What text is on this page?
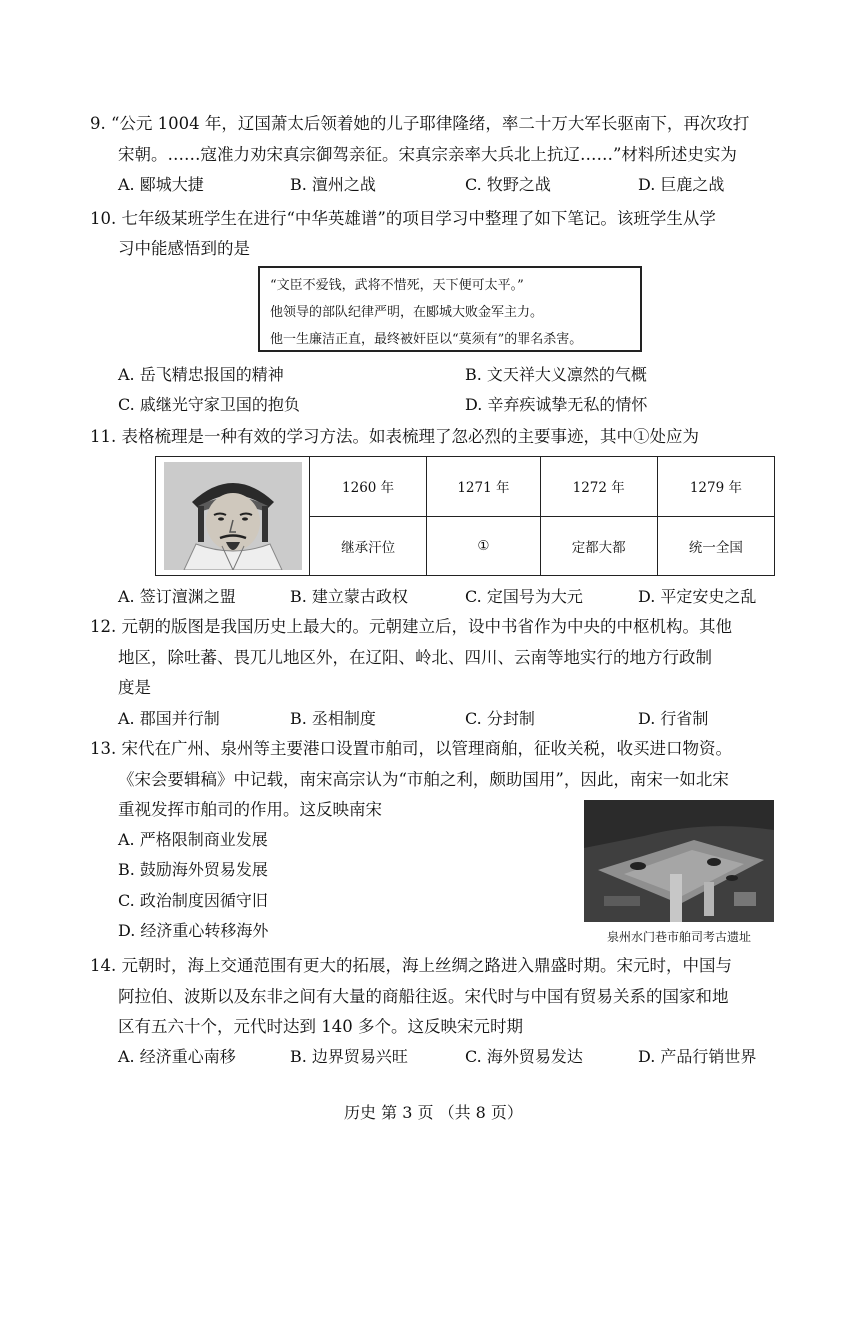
9. “公元 1004 年，辽国萧太后领着她的儿子耶律隆绪，率二十万大军长驱南下，再次攻打
宋朝。……寇准力劝宋真宗御驾亲征。宋真宗亲率大兵北上抗辽……”材料所述史实为
A. 郾城大捷	B. 澶州之战	C. 牧野之战	D. 巨鹿之战
10. 七年级某班学生在进行“中华英雄谱”的项目学习中整理了如下笔记。该班学生从学
习中能感悟到的是
“文臣不爱钱，武将不惜死，天下便可太平。”
他领导的部队纪律严明，在郾城大败金军主力。
他一生廉洁正直，最终被奸臣以“莫须有”的罪名杀害。
A. 岳飞精忠报国的精神	B. 文天祥大义凛然的气概
C. 戚继光守家卫国的抱负	D. 辛弃疾诚挚无私的情怀
11. 表格梳理是一种有效的学习方法。如表梳理了忽必烈的主要事迹，其中①处应为
	1260 年	1271 年	1272 年	1279 年
	继承汗位	①	定都大都	统一全国
A. 签订澶渊之盟	B. 建立蒙古政权	C. 定国号为大元	D. 平定安史之乱
12. 元朝的版图是我国历史上最大的。元朝建立后，设中书省作为中央的中枢机构。其他
地区，除吐蕃、畏兀儿地区外，在辽阳、岭北、四川、云南等地实行的地方行政制
度是
A. 郡国并行制	B. 丞相制度	C. 分封制	D. 行省制
13. 宋代在广州、泉州等主要港口设置市舶司，以管理商舶，征收关税，收买进口物资。
《宋会要辑稿》中记载，南宋高宗认为“市舶之利，颇助国用”，因此，南宋一如北宋
重视发挥市舶司的作用。这反映南宋
A. 严格限制商业发展
B. 鼓励海外贸易发展
C. 政治制度因循守旧
D. 经济重心转移海外	泉州水门巷市舶司考古遗址
14. 元朝时，海上交通范围有更大的拓展，海上丝绸之路进入鼎盛时期。宋元时，中国与
阿拉伯、波斯以及东非之间有大量的商船往返。宋代时与中国有贸易关系的国家和地
区有五六十个，元代时达到 140 多个。这反映宋元时期
A. 经济重心南移	B. 边界贸易兴旺	C. 海外贸易发达	D. 产品行销世界
历史 第 3 页 （共 8 页）
